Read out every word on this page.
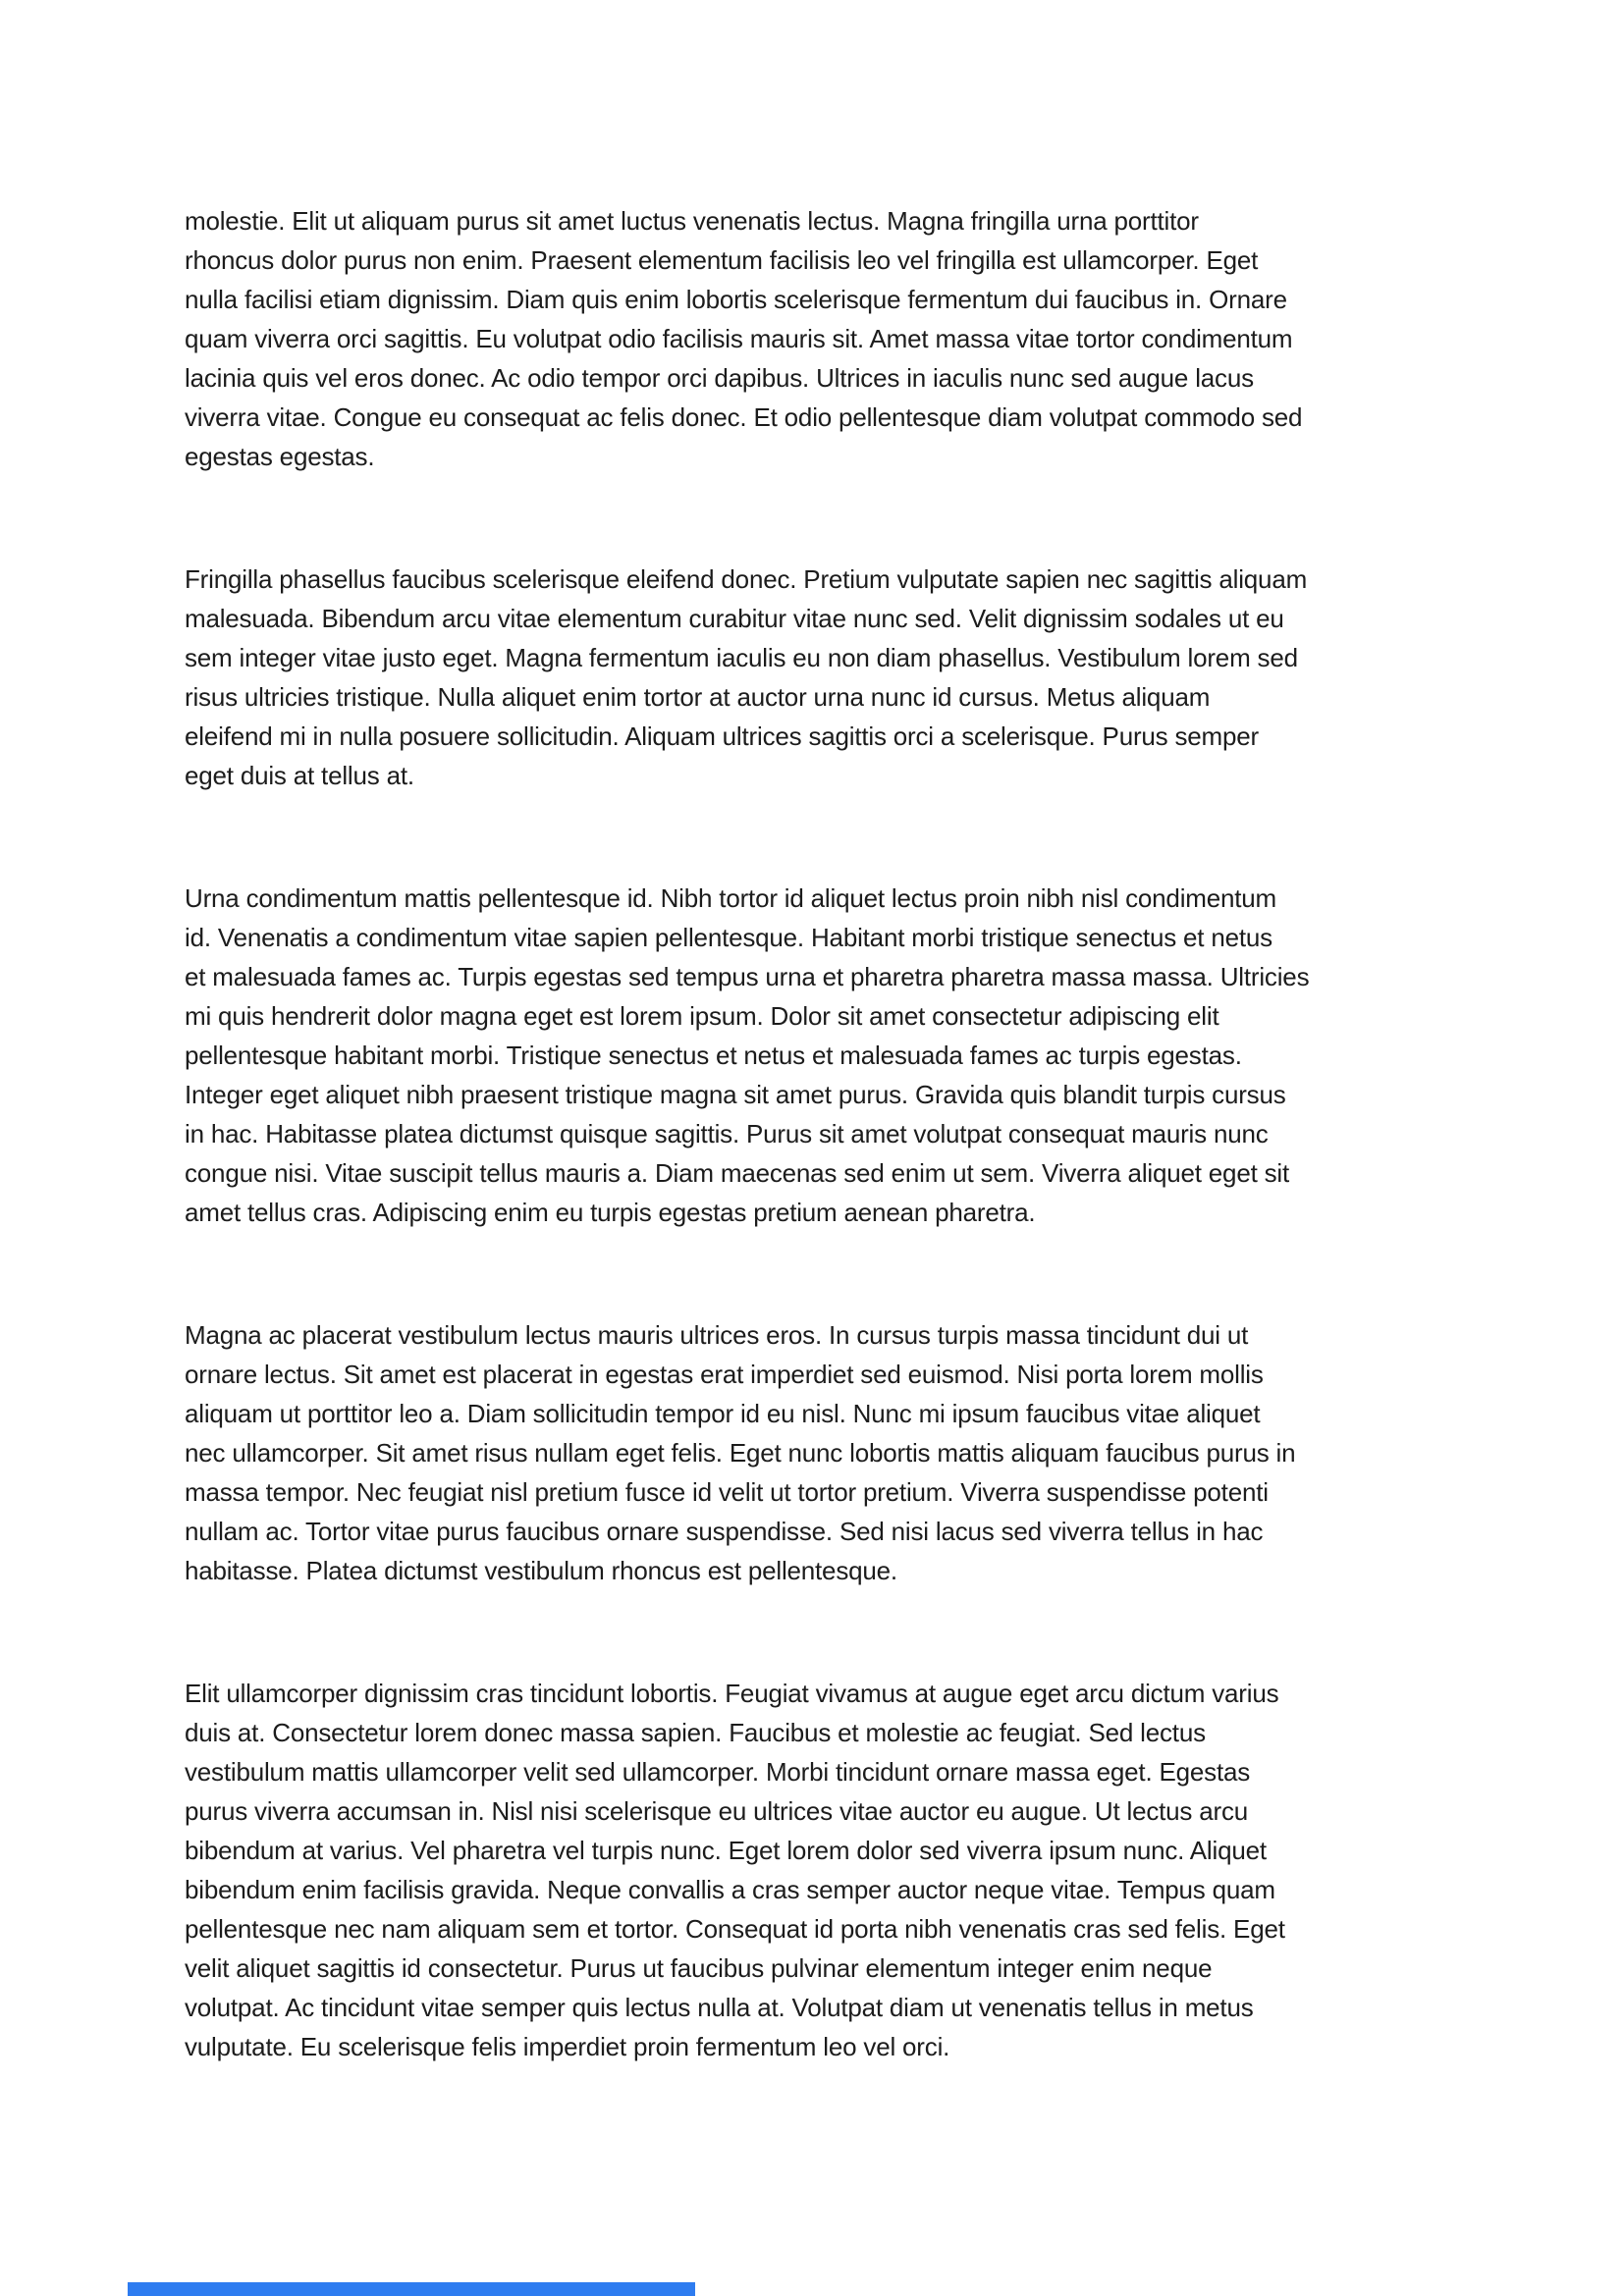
molestie. Elit ut aliquam purus sit amet luctus venenatis lectus. Magna fringilla urna porttitor
rhoncus dolor purus non enim. Praesent elementum facilisis leo vel fringilla est ullamcorper. Eget
nulla facilisi etiam dignissim. Diam quis enim lobortis scelerisque fermentum dui faucibus in. Ornare
quam viverra orci sagittis. Eu volutpat odio facilisis mauris sit. Amet massa vitae tortor condimentum
lacinia quis vel eros donec. Ac odio tempor orci dapibus. Ultrices in iaculis nunc sed augue lacus
viverra vitae. Congue eu consequat ac felis donec. Et odio pellentesque diam volutpat commodo sed
egestas egestas.
Fringilla phasellus faucibus scelerisque eleifend donec. Pretium vulputate sapien nec sagittis aliquam
malesuada. Bibendum arcu vitae elementum curabitur vitae nunc sed. Velit dignissim sodales ut eu
sem integer vitae justo eget. Magna fermentum iaculis eu non diam phasellus. Vestibulum lorem sed
risus ultricies tristique. Nulla aliquet enim tortor at auctor urna nunc id cursus. Metus aliquam
eleifend mi in nulla posuere sollicitudin. Aliquam ultrices sagittis orci a scelerisque. Purus semper
eget duis at tellus at.
Urna condimentum mattis pellentesque id. Nibh tortor id aliquet lectus proin nibh nisl condimentum
id. Venenatis a condimentum vitae sapien pellentesque. Habitant morbi tristique senectus et netus
et malesuada fames ac. Turpis egestas sed tempus urna et pharetra pharetra massa massa. Ultricies
mi quis hendrerit dolor magna eget est lorem ipsum. Dolor sit amet consectetur adipiscing elit
pellentesque habitant morbi. Tristique senectus et netus et malesuada fames ac turpis egestas.
Integer eget aliquet nibh praesent tristique magna sit amet purus. Gravida quis blandit turpis cursus
in hac. Habitasse platea dictumst quisque sagittis. Purus sit amet volutpat consequat mauris nunc
congue nisi. Vitae suscipit tellus mauris a. Diam maecenas sed enim ut sem. Viverra aliquet eget sit
amet tellus cras. Adipiscing enim eu turpis egestas pretium aenean pharetra.
Magna ac placerat vestibulum lectus mauris ultrices eros. In cursus turpis massa tincidunt dui ut
ornare lectus. Sit amet est placerat in egestas erat imperdiet sed euismod. Nisi porta lorem mollis
aliquam ut porttitor leo a. Diam sollicitudin tempor id eu nisl. Nunc mi ipsum faucibus vitae aliquet
nec ullamcorper. Sit amet risus nullam eget felis. Eget nunc lobortis mattis aliquam faucibus purus in
massa tempor. Nec feugiat nisl pretium fusce id velit ut tortor pretium. Viverra suspendisse potenti
nullam ac. Tortor vitae purus faucibus ornare suspendisse. Sed nisi lacus sed viverra tellus in hac
habitasse. Platea dictumst vestibulum rhoncus est pellentesque.
Elit ullamcorper dignissim cras tincidunt lobortis. Feugiat vivamus at augue eget arcu dictum varius
duis at. Consectetur lorem donec massa sapien. Faucibus et molestie ac feugiat. Sed lectus
vestibulum mattis ullamcorper velit sed ullamcorper. Morbi tincidunt ornare massa eget. Egestas
purus viverra accumsan in. Nisl nisi scelerisque eu ultrices vitae auctor eu augue. Ut lectus arcu
bibendum at varius. Vel pharetra vel turpis nunc. Eget lorem dolor sed viverra ipsum nunc. Aliquet
bibendum enim facilisis gravida. Neque convallis a cras semper auctor neque vitae. Tempus quam
pellentesque nec nam aliquam sem et tortor. Consequat id porta nibh venenatis cras sed felis. Eget
velit aliquet sagittis id consectetur. Purus ut faucibus pulvinar elementum integer enim neque
volutpat. Ac tincidunt vitae semper quis lectus nulla at. Volutpat diam ut venenatis tellus in metus
vulputate. Eu scelerisque felis imperdiet proin fermentum leo vel orci.
